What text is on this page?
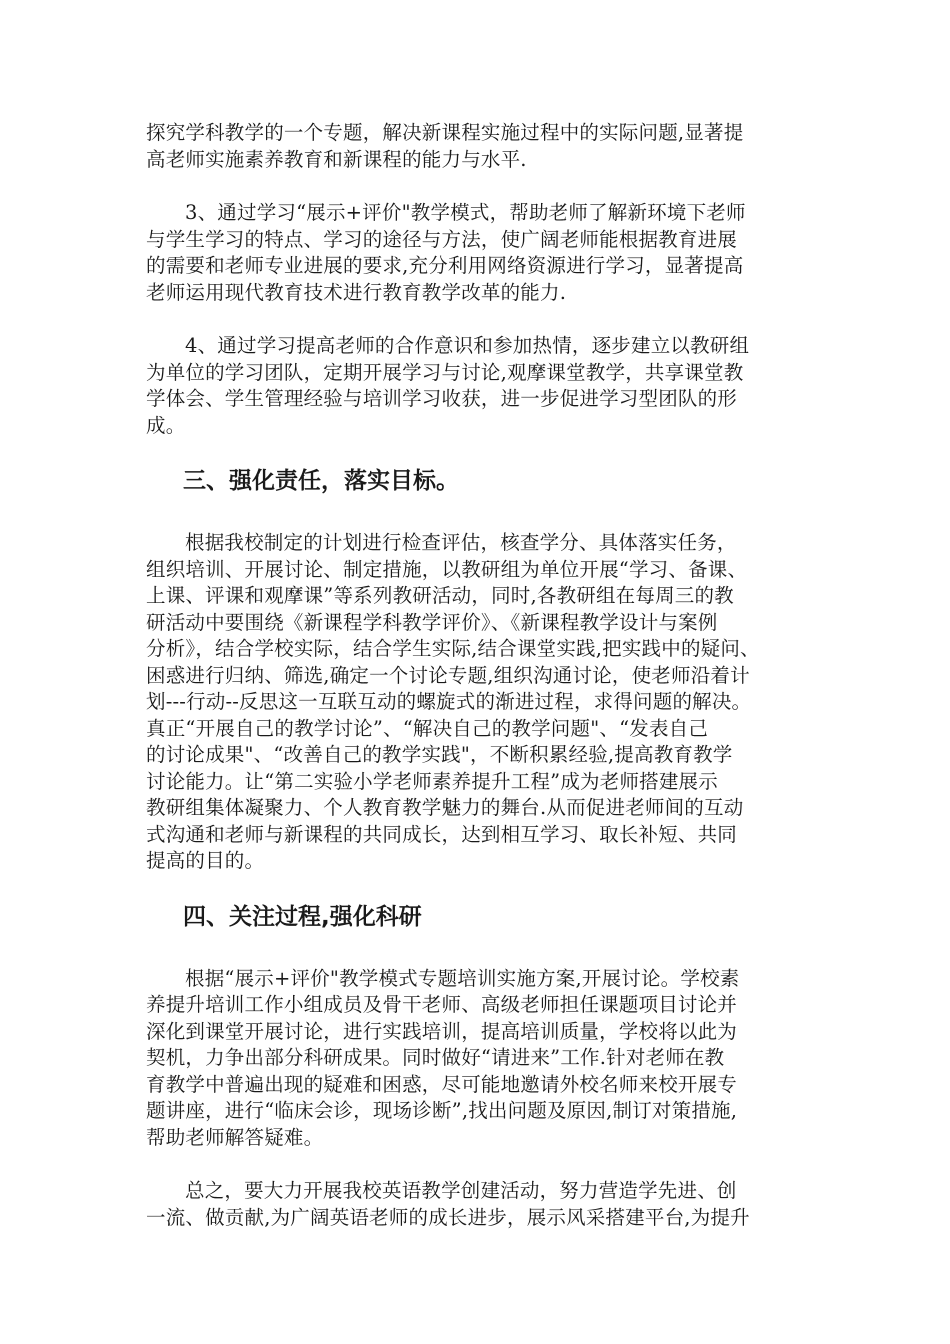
探究学科教学的一个专题，解决新课程实施过程中的实际问题,显著提
高老师实施素养教育和新课程的能力与水平.
3、通过学习“展示+评价"教学模式，帮助老师了解新环境下老师
与学生学习的特点、学习的途径与方法，使广阔老师能根据教育进展
的需要和老师专业进展的要求,充分利用网络资源进行学习，显著提高
老师运用现代教育技术进行教育教学改革的能力.
4、通过学习提高老师的合作意识和参加热情，逐步建立以教研组
为单位的学习团队，定期开展学习与讨论,观摩课堂教学，共享课堂教
学体会、学生管理经验与培训学习收获，进一步促进学习型团队的形
成。
三、强化责任，落实目标。
根据我校制定的计划进行检查评估，核查学分、具体落实任务，
组织培训、开展讨论、制定措施，以教研组为单位开展“学习、备课、
上课、评课和观摩课”等系列教研活动，同时,各教研组在每周三的教
研活动中要围绕《新课程学科教学评价》、《新课程教学设计与案例
分析》，结合学校实际，结合学生实际,结合课堂实践,把实践中的疑问、
困惑进行归纳、筛选,确定一个讨论专题,组织沟通讨论，使老师沿着计
划---行动--反思这一互联互动的螺旋式的渐进过程，求得问题的解决。
真正“开展自己的教学讨论”、“解决自己的教学问题"、“发表自己
的讨论成果"、“改善自己的教学实践"，不断积累经验,提高教育教学
讨论能力。让“第二实验小学老师素养提升工程”成为老师搭建展示
教研组集体凝聚力、个人教育教学魅力的舞台.从而促进老师间的互动
式沟通和老师与新课程的共同成长，达到相互学习、取长补短、共同
提高的目的。
四、关注过程,强化科研
根据“展示+评价"教学模式专题培训实施方案,开展讨论。学校素
养提升培训工作小组成员及骨干老师、高级老师担任课题项目讨论并
深化到课堂开展讨论，进行实践培训，提高培训质量，学校将以此为
契机，力争出部分科研成果。同时做好“请进来”工作.针对老师在教
育教学中普遍出现的疑难和困惑，尽可能地邀请外校名师来校开展专
题讲座，进行“临床会诊，现场诊断”,找出问题及原因,制订对策措施,
帮助老师解答疑难。
总之，要大力开展我校英语教学创建活动，努力营造学先进、创
一流、做贡献,为广阔英语老师的成长进步，展示风采搭建平台,为提升
